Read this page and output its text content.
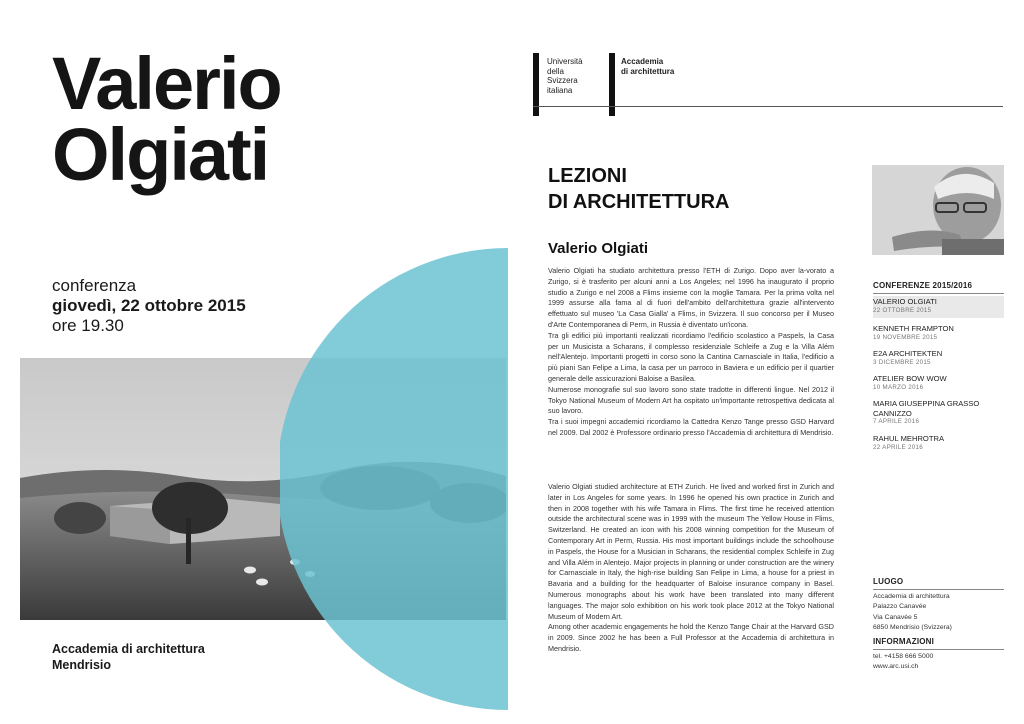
Valerio
Olgiati
conferenza
giovedì, 22 ottobre 2015
ore 19.30
Accademia di architettura
Mendrisio
Università
della
Svizzera
italiana
Accademia
di architettura
LEZIONI
DI ARCHITETTURA
Valerio Olgiati

Valerio Olgiati ha studiato architettura presso l'ETH di Zurigo. Dopo aver la-vorato a Zurigo, si è trasferito per alcuni anni a Los Angeles; nel 1996 ha inaugurato il proprio studio a Zurigo e nel 2008 a Flims insieme con la moglie Tamara. Per la prima volta nel 1999 assurse alla fama al di fuori dell'ambito dell'architettura grazie all'intervento effettuato sul museo 'La Casa Gialla' a Flims, in Svizzera. Il suo concorso per il Museo d'Arte Contemporanea di Perm, in Russia è diventato un'icona.

Tra gli edifici più importanti realizzati ricordiamo l'edificio scolastico a Paspels, la Casa per un Musicista a Scharans, il complesso residenziale Schleife a Zug e la Villa Além nell'Alentejo. Importanti progetti in corso sono la Cantina Carnasciale in Italia, l'edificio a più piani San Felipe a Lima, la casa per un parroco in Baviera e un edificio per il quartier generale delle assicurazioni Baloise a Basilea.

Numerose monografie sul suo lavoro sono state tradotte in differenti lingue. Nel 2012 il Tokyo National Museum of Modern Art ha ospitato un'importante retrospettiva dedicata al suo lavoro.

Tra i suoi impegni accademici ricordiamo la Cattedra Kenzo Tange presso GSD Harvard nel 2009. Dal 2002 è Professore ordinario presso l'Accademia di architettura di Mendrisio.

Valerio Olgiati studied architecture at ETH Zurich. He lived and worked first in Zurich and later in Los Angeles for some years. In 1996 he opened his own practice in Zurich and then in 2008 together with his wife Tamara in Flims. The first time he received attention outside the architectural scene was in 1999 with the museum The Yellow House in Flims, Switzerland. He created an icon with his 2008 winning competition for the Museum of Contemporary Art in Perm, Russia. His most important buildings include the schoolhouse in Paspels, the House for a Musician in Scharans, the residential complex Schleife in Zug and Villa Além in Alentejo. Major projects in planning or under construction are the winery for Carnasciale in Italy, the high-rise building San Felipe in Lima, a house for a priest in Bavaria and a building for the headquarter of Baloise insurance company in Basel. Numerous monographs about his work have been translated into many different languages. The major solo exhibition on his work took place 2012 at the Tokyo National Museum of Modern Art.

Among other academic engagements he hold the Kenzo Tange Chair at the Harvard GSD in 2009. Since 2002 he has been a Full Professor at the Accademia di architettura in Mendrisio.

CONFERENZE 2015/2016
VALERIO OLGIATI
22 OTTOBRE 2015
KENNETH FRAMPTON
19 NOVEMBRE 2015
E2A ARCHITEKTEN
3 DICEMBRE 2015
ATELIER BOW WOW
10 MARZO 2016
MARIA GIUSEPPINA GRASSO CANNIZZO
7 APRILE 2016
RAHUL MEHROTRA
22 APRILE 2016
LUOGO
Accademia di architettura
Palazzo Canavée
Via Canavée 5
6850 Mendrisio (Svizzera)
INFORMAZIONI
tel. +4158 666 5000
www.arc.usi.ch
